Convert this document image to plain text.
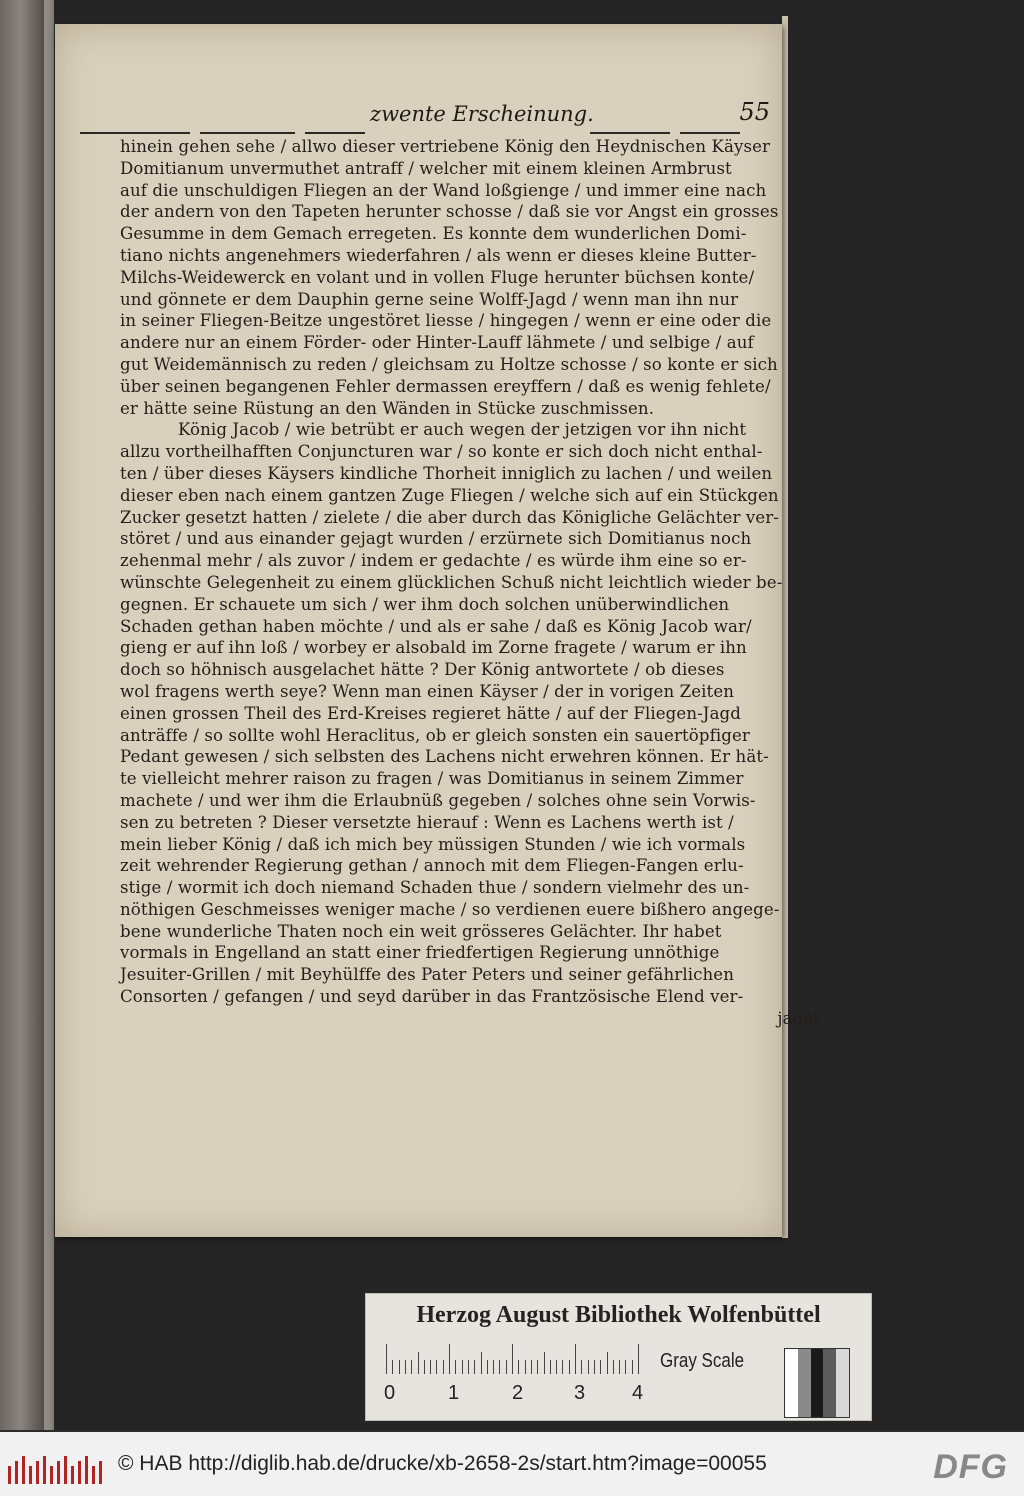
zwente Erscheinung.	55
hinein gehen sehe / allwo dieser vertriebene König den Heydnischen Käyser
Domitianum unvermuthet antraff / welcher mit einem kleinen Armbrust
auf die unschuldigen Fliegen an der Wand loßgienge / und immer eine nach
der andern von den Tapeten herunter schosse / daß sie vor Angst ein grosses
Gesumme in dem Gemach erregeten. Es konnte dem wunderlichen Domi-
tiano nichts angenehmers wiederfahren / als wenn er dieses kleine Butter-
Milchs-Weidewerck en volant und in vollen Fluge herunter büchsen konte/
und gönnete er dem Dauphin gerne seine Wolff-Jagd / wenn man ihn nur
in seiner Fliegen-Beitze ungestöret liesse / hingegen / wenn er eine oder die
andere nur an einem Förder- oder Hinter-Lauff lähmete / und selbige / auf
gut Weidemännisch zu reden / gleichsam zu Holtze schosse / so konte er sich
über seinen begangenen Fehler dermassen ereyffern / daß es wenig fehlete/
er hätte seine Rüstung an den Wänden in Stücke zuschmissen.
König Jacob / wie betrübt er auch wegen der jetzigen vor ihn nicht
allzu vortheilhafften Conjuncturen war / so konte er sich doch nicht enthal-
ten / über dieses Käysers kindliche Thorheit inniglich zu lachen / und weilen
dieser eben nach einem gantzen Zuge Fliegen / welche sich auf ein Stückgen
Zucker gesetzt hatten / zielete / die aber durch das Königliche Gelächter ver-
störet / und aus einander gejagt wurden / erzürnete sich Domitianus noch
zehenmal mehr / als zuvor / indem er gedachte / es würde ihm eine so er-
wünschte Gelegenheit zu einem glücklichen Schuß nicht leichtlich wieder be-
gegnen. Er schauete um sich / wer ihm doch solchen unüberwindlichen
Schaden gethan haben möchte / und als er sahe / daß es König Jacob war/
gieng er auf ihn loß / worbey er alsobald im Zorne fragete / warum er ihn
doch so höhnisch ausgelachet hätte ? Der König antwortete / ob dieses
wol fragens werth seye? Wenn man einen Käyser / der in vorigen Zeiten
einen grossen Theil des Erd-Kreises regieret hätte / auf der Fliegen-Jagd
anträffe / so sollte wohl Heraclitus, ob er gleich sonsten ein sauertöpfiger
Pedant gewesen / sich selbsten des Lachens nicht erwehren können. Er hät-
te vielleicht mehrer raison zu fragen / was Domitianus in seinem Zimmer
machete / und wer ihm die Erlaubnüß gegeben / solches ohne sein Vorwis-
sen zu betreten ? Dieser versetzte hierauf : Wenn es Lachens werth ist /
mein lieber König / daß ich mich bey müssigen Stunden / wie ich vormals
zeit wehrender Regierung gethan / annoch mit dem Fliegen-Fangen erlu-
stige / wormit ich doch niemand Schaden thue / sondern vielmehr des un-
nöthigen Geschmeisses weniger mache / so verdienen euere bißhero angege-
bene wunderliche Thaten noch ein weit grösseres Gelächter. Ihr habet
vormals in Engelland an statt einer friedfertigen Regierung unnöthige
Jesuiter-Grillen / mit Beyhülffe des Pater Peters und seiner gefährlichen
Consorten / gefangen / und seyd darüber in das Frantzösische Elend ver-
jaget
Herzog August Bibliothek Wolfenbüttel
0	1	2	3 4
Gray Scale
© HAB http://diglib.hab.de/drucke/xb-2658-2s/start.htm?image=00055	DFG
